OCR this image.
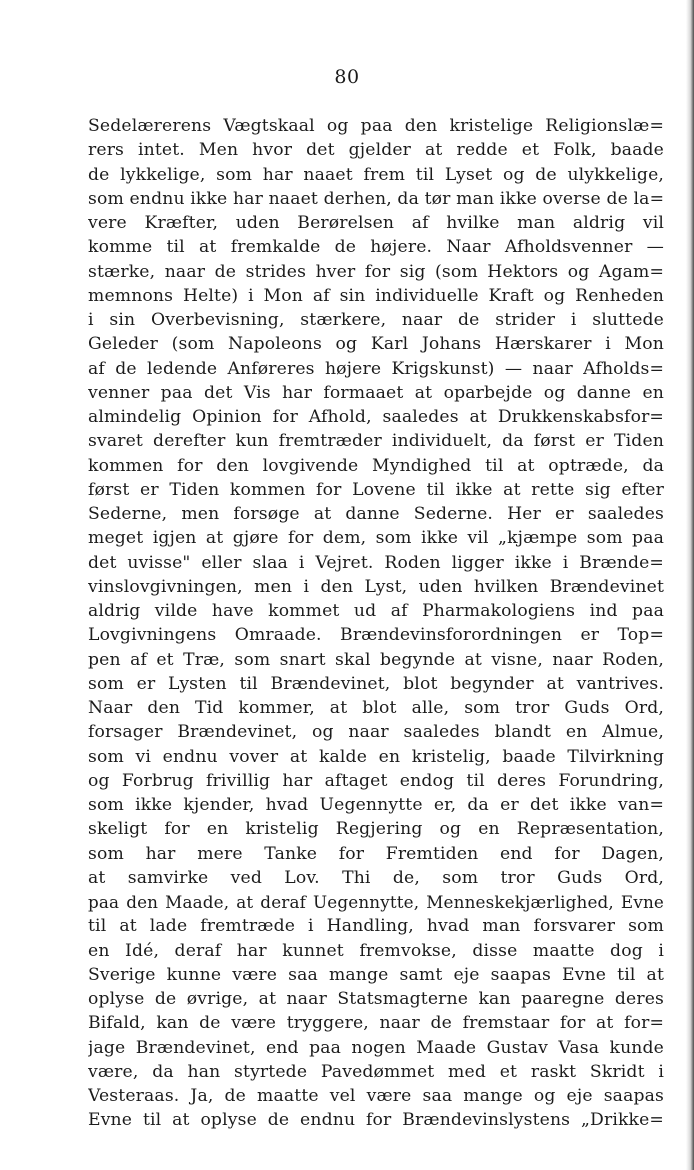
80
Sedelærerens Vægtskaal og paa den kristelige Religionslæ=
rers intet. Men hvor det gjelder at redde et Folk, baade
de lykkelige, som har naaet frem til Lyset og de ulykkelige,
som endnu ikke har naaet derhen, da tør man ikke overse de la=
vere Kræfter, uden Berørelsen af hvilke man aldrig vil
komme til at fremkalde de højere. Naar Afholdsvenner —
stærke, naar de strides hver for sig (som Hektors og Agam=
memnons Helte) i Mon af sin individuelle Kraft og Renheden
i sin Overbevisning, stærkere, naar de strider i sluttede
Geleder (som Napoleons og Karl Johans Hærskarer i Mon
af de ledende Anføreres højere Krigskunst) — naar Afholds=
venner paa det Vis har formaaet at oparbejde og danne en
almindelig Opinion for Afhold, saaledes at Drukkenskabsfor=
svaret derefter kun fremtræder individuelt, da først er Tiden
kommen for den lovgivende Myndighed til at optræde, da
først er Tiden kommen for Lovene til ikke at rette sig efter
Sederne, men forsøge at danne Sederne. Her er saaledes
meget igjen at gjøre for dem, som ikke vil „kjæmpe som paa
det uvisse" eller slaa i Vejret. Roden ligger ikke i Brænde=
vinslovgivningen, men i den Lyst, uden hvilken Brændevinet
aldrig vilde have kommet ud af Pharmakologiens ind paa
Lovgivningens Omraade. Brændevinsforordningen er Top=
pen af et Træ, som snart skal begynde at visne, naar Roden,
som er Lysten til Brændevinet, blot begynder at vantrives.
Naar den Tid kommer, at blot alle, som tror Guds Ord,
forsager Brændevinet, og naar saaledes blandt en Almue,
som vi endnu vover at kalde en kristelig, baade Tilvirkning
og Forbrug frivillig har aftaget endog til deres Forundring,
som ikke kjender, hvad Uegennytte er, da er det ikke van=
skeligt for en kristelig Regjering og en Repræsentation,
som har mere Tanke for Fremtiden end for Dagen,
at samvirke ved Lov. Thi de, som tror Guds Ord,
paa den Maade, at deraf Uegennytte, Menneskekjærlighed, Evne
til at lade fremtræde i Handling, hvad man forsvarer som
en Idé, deraf har kunnet fremvokse, disse maatte dog i
Sverige kunne være saa mange samt eje saapas Evne til at
oplyse de øvrige, at naar Statsmagterne kan paaregne deres
Bifald, kan de være tryggere, naar de fremstaar for at for=
jage Brændevinet, end paa nogen Maade Gustav Vasa kunde
være, da han styrtede Pavedømmet med et raskt Skridt i
Vesteraas. Ja, de maatte vel være saa mange og eje saapas
Evne til at oplyse de endnu for Brændevinslystens „Drikke=
